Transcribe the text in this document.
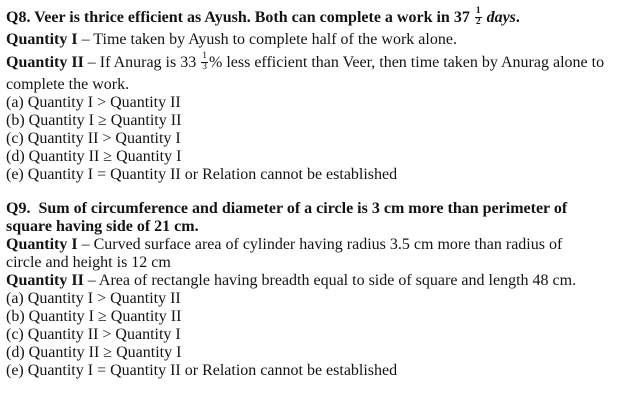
Q8. Veer is thrice efficient as Ayush. Both can complete a work in $37 \frac{1}{2}$ days.
Quantity I – Time taken by Ayush to complete half of the work alone.
Quantity II – If Anurag is $33 \frac{1}{3}$ % less efficient than Veer, then time taken by Anurag alone to
complete the work.
(a) Quantity I > Quantity II
(b) Quantity I ≥ Quantity II
(c) Quantity II > Quantity I
(d) Quantity II ≥ Quantity I
(e) Quantity I = Quantity II or Relation cannot be established
Q9.  Sum of circumference and diameter of a circle is 3 cm more than perimeter of
square having side of 21 cm.
Quantity I – Curved surface area of cylinder having radius 3.5 cm more than radius of
circle and height is 12 cm
Quantity II – Area of rectangle having breadth equal to side of square and length 48 cm.
(a) Quantity I > Quantity II
(b) Quantity I ≥ Quantity II
(c) Quantity II > Quantity I
(d) Quantity II ≥ Quantity I
(e) Quantity I = Quantity II or Relation cannot be established
